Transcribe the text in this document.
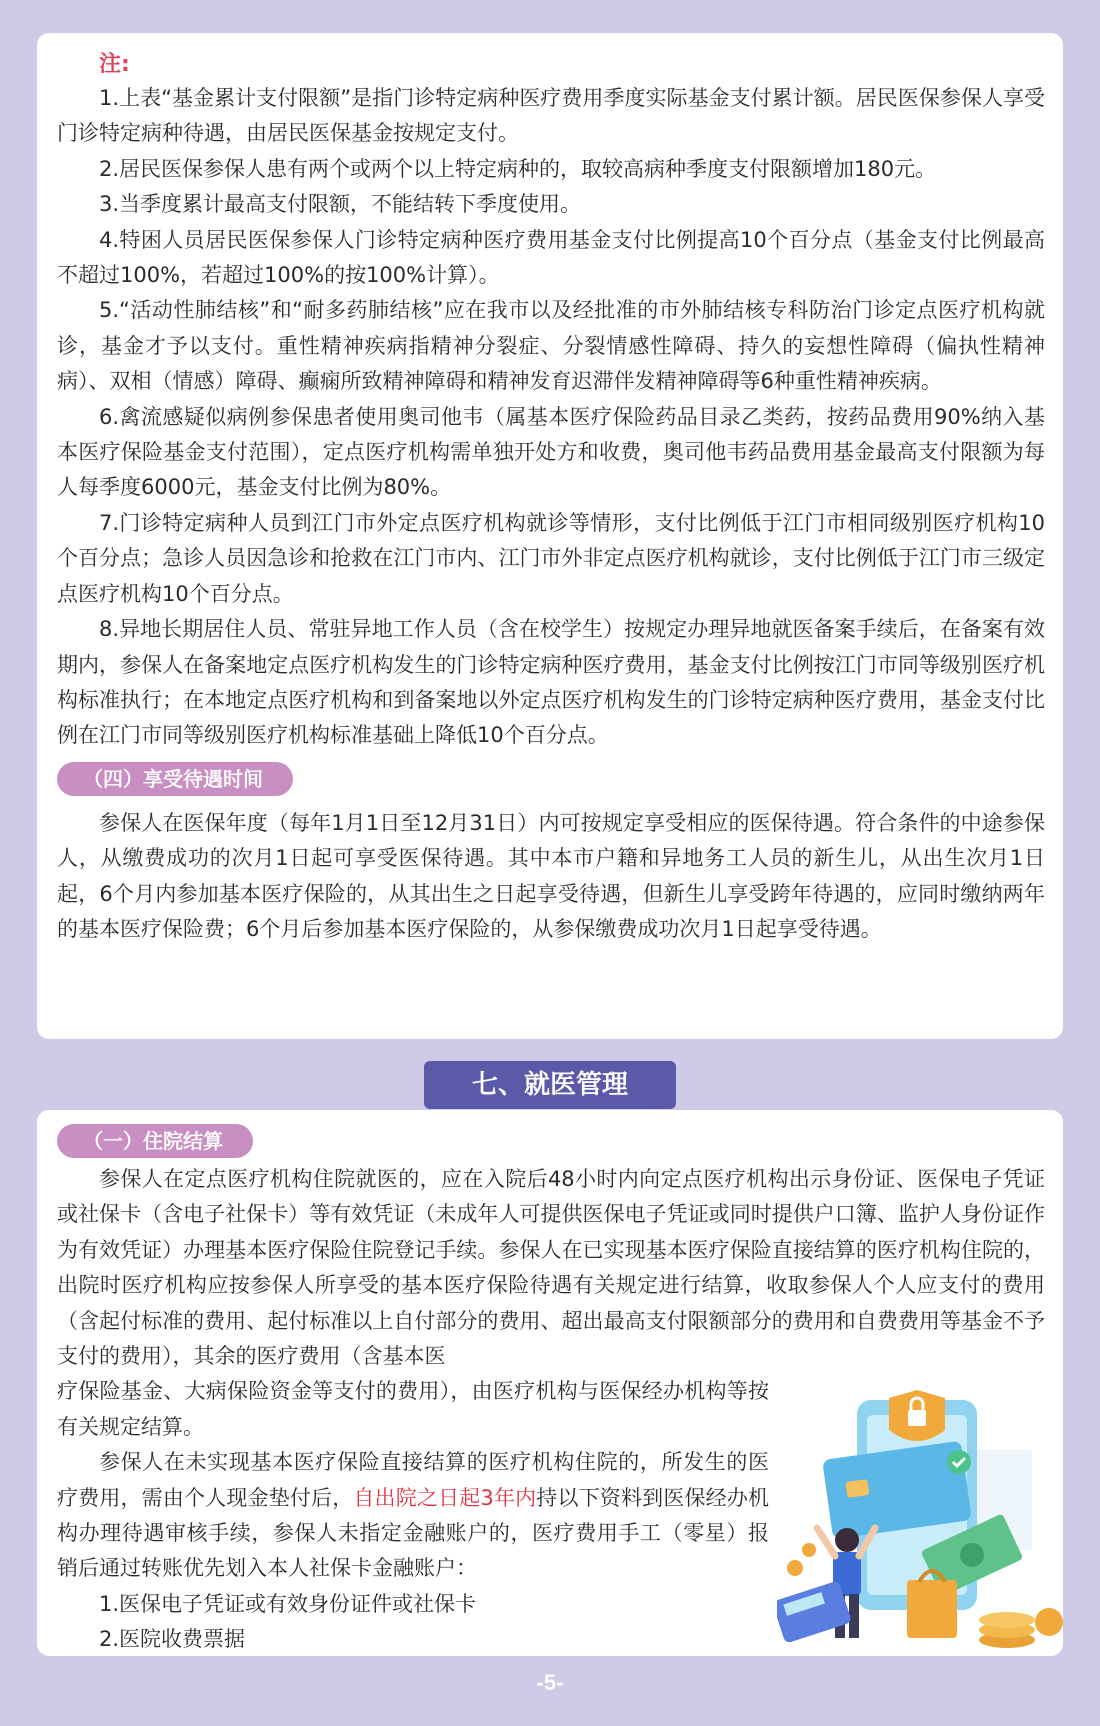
注:

1.上表“基金累计支付限额”是指门诊特定病种医疗费用季度实际基金支付累计额。居民医保参保人享受门诊特定病种待遇，由居民医保基金按规定支付。

2.居民医保参保人患有两个或两个以上特定病种的，取较高病种季度支付限额增加180元。

3.当季度累计最高支付限额，不能结转下季度使用。

4.特困人员居民医保参保人门诊特定病种医疗费用基金支付比例提高10个百分点（基金支付比例最高不超过100%，若超过100%的按100%计算）。

5.“活动性肺结核”和“耐多药肺结核”应在我市以及经批准的市外肺结核专科防治门诊定点医疗机构就诊，基金才予以支付。重性精神疾病指精神分裂症、分裂情感性障碍、持久的妄想性障碍（偏执性精神病）、双相（情感）障碍、癫痫所致精神障碍和精神发育迟滞伴发精神障碍等6种重性精神疾病。

6.禽流感疑似病例参保患者使用奥司他韦（属基本医疗保险药品目录乙类药，按药品费用90%纳入基本医疗保险基金支付范围），定点医疗机构需单独开处方和收费，奥司他韦药品费用基金最高支付限额为每人每季度6000元，基金支付比例为80%。

7.门诊特定病种人员到江门市外定点医疗机构就诊等情形，支付比例低于江门市相同级别医疗机构10个百分点；急诊人员因急诊和抢救在江门市内、江门市外非定点医疗机构就诊，支付比例低于江门市三级定点医疗机构10个百分点。

8.异地长期居住人员、常驻异地工作人员（含在校学生）按规定办理异地就医备案手续后，在备案有效期内，参保人在备案地定点医疗机构发生的门诊特定病种医疗费用，基金支付比例按江门市同等级别医疗机构标准执行；在本地定点医疗机构和到备案地以外定点医疗机构发生的门诊特定病种医疗费用，基金支付比例在江门市同等级别医疗机构标准基础上降低10个百分点。

（四）享受待遇时间

参保人在医保年度（每年1月1日至12月31日）内可按规定享受相应的医保待遇。符合条件的中途参保人，从缴费成功的次月1日起可享受医保待遇。其中本市户籍和异地务工人员的新生儿，从出生次月1日起，6个月内参加基本医疗保险的，从其出生之日起享受待遇，但新生儿享受跨年待遇的，应同时缴纳两年的基本医疗保险费；6个月后参加基本医疗保险的，从参保缴费成功次月1日起享受待遇。

七、就医管理
（一）住院结算

参保人在定点医疗机构住院就医的，应在入院后48小时内向定点医疗机构出示身份证、医保电子凭证或社保卡（含电子社保卡）等有效凭证（未成年人可提供医保电子凭证或同时提供户口簿、监护人身份证作为有效凭证）办理基本医疗保险住院登记手续。参保人在已实现基本医疗保险直接结算的医疗机构住院的，出院时医疗机构应按参保人所享受的基本医疗保险待遇有关规定进行结算，收取参保人个人应支付的费用（含起付标准的费用、起付标准以上自付部分的费用、超出最高支付限额部分的费用和自费费用等基金不予支付的费用），其余的医疗费用（含基本医

疗保险基金、大病保险资金等支付的费用），由医疗机构与医保经办机构等按有关规定结算。

参保人在未实现基本医疗保险直接结算的医疗机构住院的，所发生的医疗费用，需由个人现金垫付后，自出院之日起3年内持以下资料到医保经办机构办理待遇审核手续，参保人未指定金融账户的，医疗费用手工（零星）报销后通过转账优先划入本人社保卡金融账户：

1.医保电子凭证或有效身份证件或社保卡

2.医院收费票据

-5-
